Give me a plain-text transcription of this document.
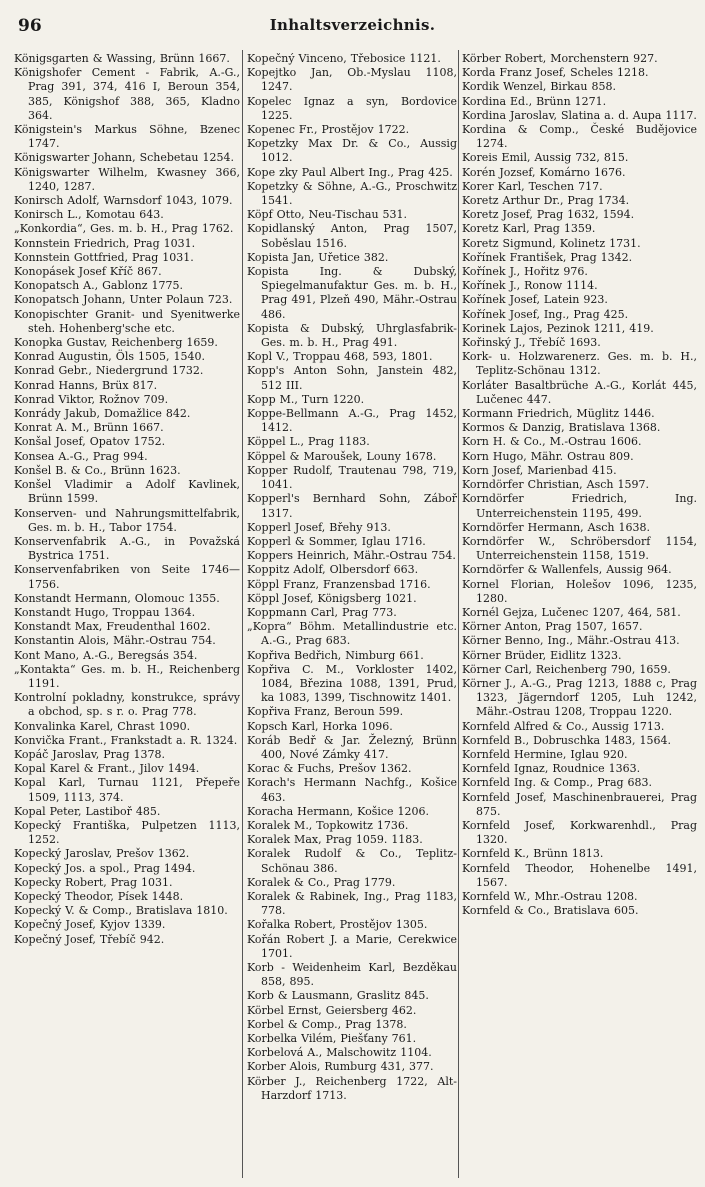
96	Inhaltsverzeichnis.

Königsgarten & Wassing, Brünn 1667.

Königshofer Cement - Fabrik, A.-G., Prag 391, 374, 416 I, Beroun 354, 385, Königshof 388, 365, Kladno 364.

Königstein's Markus Söhne, Bzenec 1747.

Königswarter Johann, Schebetau 1254.

Königswarter Wilhelm, Kwasney 366, 1240, 1287.

Konirsch Adolf, Warnsdorf 1043, 1079.

Konirsch L., Komotau 643.

„Konkordia“, Ges. m. b. H., Prag 1762.

Konnstein Friedrich, Prag 1031.

Konnstein Gottfried, Prag 1031.

Konopásek Josef Kříč 867.

Konopatsch A., Gablonz 1775.

Konopatsch Johann, Unter Polaun 723.

Konopischter Granit- und Syenitwerke steh. Hohenberg'sche etc.

Konopka Gustav, Reichenberg 1659.

Konrad Augustin, Öls 1505, 1540.

Konrad Gebr., Niedergrund 1732.

Konrad Hanns, Brüx 817.

Konrad Viktor, Rožnov 709.

Konrády Jakub, Domažlice 842.

Konrat A. M., Brünn 1667.

Konšal Josef, Opatov 1752.

Konsea A.-G., Prag 994.

Konšel B. & Co., Brünn 1623.

Konšel Vladimir a Adolf Kavlinek, Brünn 1599.

Konserven- und Nahrungsmittelfabrik, Ges. m. b. H., Tabor 1754.

Konservenfabrik A.-G., in Považská Bystrica 1751.

Konservenfabriken von Seite 1746—1756.

Konstandt Hermann, Olomouc 1355.

Konstandt Hugo, Troppau 1364.

Konstandt Max, Freudenthal 1602.

Konstantin Alois, Mähr.-Ostrau 754.

Kont Mano, A.-G., Beregsás 354.

„Kontakta“ Ges. m. b. H., Reichenberg 1191.

Kontrolní pokladny, konstrukce, správy a obchod, sp. s r. o. Prag 778.

Konvalinka Karel, Chrast 1090.

Konvička Frant., Frankstadt a. R. 1324.

Kopáč Jaroslav, Prag 1378.

Kopal Karel & Frant., Jilov 1494.

Kopal Karl, Turnau 1121, Přepeře 1509, 1113, 374.

Kopal Peter, Lastiboř 485.

Kopecký Františka, Pulpetzen 1113, 1252.

Kopecký Jaroslav, Prešov 1362.

Kopecký Jos. a spol., Prag 1494.

Kopecky Robert, Prag 1031.

Kopecký Theodor, Písek 1448.

Kopecký V. & Comp., Bratislava 1810.

Kopečný Josef, Kyjov 1339.

Kopečný Josef, Třebíč 942.

Kopečný Vinceno, Třebosice 1121.

Kopejtko Jan, Ob.-Myslau 1108, 1247.

Kopelec Ignaz a syn, Bordovice 1225.

Kopenec Fr., Prostějov 1722.

Kopetzky Max Dr. & Co., Aussig 1012.

Kope zky Paul Albert Ing., Prag 425.

Kopetzky & Söhne, A.-G., Proschwitz 1541.

Köpf Otto, Neu-Tischau 531.

Kopidlanský Anton, Prag 1507, Soběslau 1516.

Kopista Jan, Uřetice 382.

Kopista Ing. & Dubský, Spiegelmanufaktur Ges. m. b. H., Prag 491, Plzeň 490, Mähr.-Ostrau 486.

Kopista & Dubský, Uhrglasfabrik-Ges. m. b. H., Prag 491.

Kopl V., Troppau 468, 593, 1801.

Kopp's Anton Sohn, Janstein 482, 512 III.

Kopp M., Turn 1220.

Koppe-Bellmann A.-G., Prag 1452, 1412.

Köppel L., Prag 1183.

Köppel & Maroušek, Louny 1678.

Kopper Rudolf, Trautenau 798, 719, 1041.

Kopperl's Bernhard Sohn, Záboř 1317.

Kopperl Josef, Břehy 913.

Kopperl & Sommer, Iglau 1716.

Koppers Heinrich, Mähr.-Ostrau 754.

Koppitz Adolf, Olbersdorf 663.

Köppl Franz, Franzensbad 1716.

Köppl Josef, Königsberg 1021.

Koppmann Carl, Prag 773.

„Kopra“ Böhm. Metallindustrie etc. A.-G., Prag 683.

Kopřiva Bedřich, Nimburg 661.

Kopřiva C. M., Vorkloster 1402, 1084, Březina 1088, 1391, Prud, ka 1083, 1399, Tischnowitz 1401.

Kopřiva Franz, Beroun 599.

Kopsch Karl, Horka 1096.

Koráb Bedř & Jar. Železný, Brünn 400, Nové Zámky 417.

Korac & Fuchs, Prešov 1362.

Korach's Hermann Nachfg., Košice 463.

Koracha Hermann, Košice 1206.

Koralek M., Topkowitz 1736.

Koralek Max, Prag 1059. 1183.

Koralek Rudolf & Co., Teplitz-Schönau 386.

Koralek & Co., Prag 1779.

Koralek & Rabinek, Ing., Prag 1183, 778.

Kořalka Robert, Prostějov 1305.

Kořán Robert J. a Marie, Cerekwice 1701.

Korb - Weidenheim Karl, Bezděkau 858, 895.

Korb & Lausmann, Graslitz 845.

Körbel Ernst, Geiersberg 462.

Korbel & Comp., Prag 1378.

Korbelka Vilém, Piešťany 761.

Korbelová A., Malschowitz 1104.

Korber Alois, Rumburg 431, 377.

Körber J., Reichenberg 1722, Alt-Harzdorf 1713.

Körber Robert, Morchenstern 927.

Korda Franz Josef, Scheles 1218.

Kordik Wenzel, Birkau 858.

Kordina Ed., Brünn 1271.

Kordina Jaroslav, Slatina a. d. Aupa 1117.

Kordina & Comp., České Budějovice 1274.

Koreis Emil, Aussig 732, 815.

Korén Jozsef, Komárno 1676.

Korer Karl, Teschen 717.

Koretz Arthur Dr., Prag 1734.

Koretz Josef, Prag 1632, 1594.

Koretz Karl, Prag 1359.

Koretz Sigmund, Kolinetz 1731.

Kořínek František, Prag 1342.

Kořínek J., Hořitz 976.

Kořínek J., Ronow 1114.

Kořínek Josef, Latein 923.

Kořínek Josef, Ing., Prag 425.

Korinek Lajos, Pezinok 1211, 419.

Kořinský J., Třebíč 1693.

Kork- u. Holzwarenerz. Ges. m. b. H., Teplitz-Schönau 1312.

Korláter Basaltbrüche A.-G., Korlát 445, Lučenec 447.

Kormann Friedrich, Müglitz 1446.

Kormos & Danzig, Bratislava 1368.

Korn H. & Co., M.-Ostrau 1606.

Korn Hugo, Mähr. Ostrau 809.

Korn Josef, Marienbad 415.

Korndörfer Christian, Asch 1597.

Korndörfer Friedrich, Ing. Unterreichenstein 1195, 499.

Korndörfer Hermann, Asch 1638.

Korndörfer W., Schröbersdorf 1154, Unterreichenstein 1158, 1519.

Korndörfer & Wallenfels, Aussig 964.

Kornel Florian, Holešov 1096, 1235, 1280.

Kornél Gejza, Lučenec 1207, 464, 581.

Körner Anton, Prag 1507, 1657.

Körner Benno, Ing., Mähr.-Ostrau 413.

Körner Brüder, Eidlitz 1323.

Körner Carl, Reichenberg 790, 1659.

Körner J., A.-G., Prag 1213, 1888 c, Prag 1323, Jägerndorf 1205, Luh 1242, Mähr.-Ostrau 1208, Troppau 1220.

Kornfeld Alfred & Co., Aussig 1713.

Kornfeld B., Dobruschka 1483, 1564.

Kornfeld Hermine, Iglau 920.

Kornfeld Ignaz, Roudnice 1363.

Kornfeld Ing. & Comp., Prag 683.

Kornfeld Josef, Maschinenbrauerei, Prag 875.

Kornfeld Josef, Korkwarenhdl., Prag 1320.

Kornfeld K., Brünn 1813.

Kornfeld Theodor, Hohenelbe 1491, 1567.

Kornfeld W., Mhr.-Ostrau 1208.

Kornfeld & Co., Bratislava 605.
